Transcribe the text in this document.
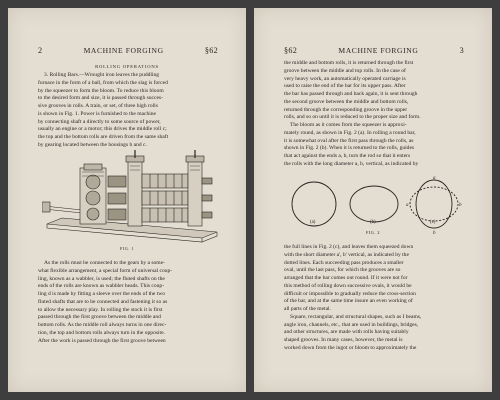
2	MACHINE FORGING	§62
ROLLING OPERATIONS
3. Rolling Bars.—Wrought iron leaves the puddling
furnace in the form of a ball, from which the slag is forced
by the squeezer to form the bloom. To reduce this bloom
to the desired form and size, it is passed through succes-
sive grooves in rolls. A train, or set, of three high rolls
is shown in Fig. 1. Power is furnished to the machine
by connecting shaft a directly to some source of power,
usually an engine or a motor; this drives the middle roll c;
the top and the bottom rolls are driven from the same shaft
by gearing located between the housings b and c.
FIG. 1
As the rolls must be connected to the gears by a some-
what flexible arrangement, a special form of universal coup-
ling, known as a wabbler, is used; the fluted shafts on the
ends of the rolls are known as wabbler heads. This coup-
ling d is made by fitting a sleeve over the ends of the two
fluted shafts that are to be connected and fastening it so as
to allow the necessary play. In rolling the stock it is first
passed through the first groove between the middle and
bottom rolls. As the middle roll always turns in one direc-
tion, the top and bottom rolls always turn in the opposite.
After the work is passed through the first groove between
§62	MACHINE FORGING	3
the middle and bottom rolls, it is returned through the first
groove between the middle and top rolls. In the case of
very heavy work, an automatically operated carriage is
used to raise the end of the bar for its upper pass. After
the bar has passed through and back again, it is sent through
the second groove between the middle and bottom rolls,
returned through the corresponding groove in the upper
rolls, and so on until it is reduced to the proper size and form.
The bloom as it comes from the squeezer is approxi-
mately round, as shown in Fig. 2 (a). In rolling a round bar,
it is somewhat oval after the first pass through the rolls, as
shown in Fig. 2 (b). When it is returned to the rolls, guides
that act against the ends a, b, turn the rod so that it enters
the rolls with the long diameter a, b, vertical, as indicated by
a
b
a	b
(a)	(b)	(c)
FIG. 2
the full lines in Fig. 2 (c), and leaves them squeezed down
with the short diameter a', b' vertical, as indicated by the
dotted lines. Each succeeding pass produces a smaller
oval, until the last pass, for which the grooves are so
arranged that the bar comes out round. If it were not for
this method of rolling down successive ovals, it would be
difficult or impossible to gradually reduce the cross-section
of the bar, and at the same time insure an even working of
all parts of the metal.
Square, rectangular, and structural shapes, such as I beams,
angle iron, channels, etc., that are used in buildings, bridges,
and other structures, are made with rolls having suitably
shaped grooves. In many cases, however, the metal is
worked down from the ingot or bloom to approximately the
